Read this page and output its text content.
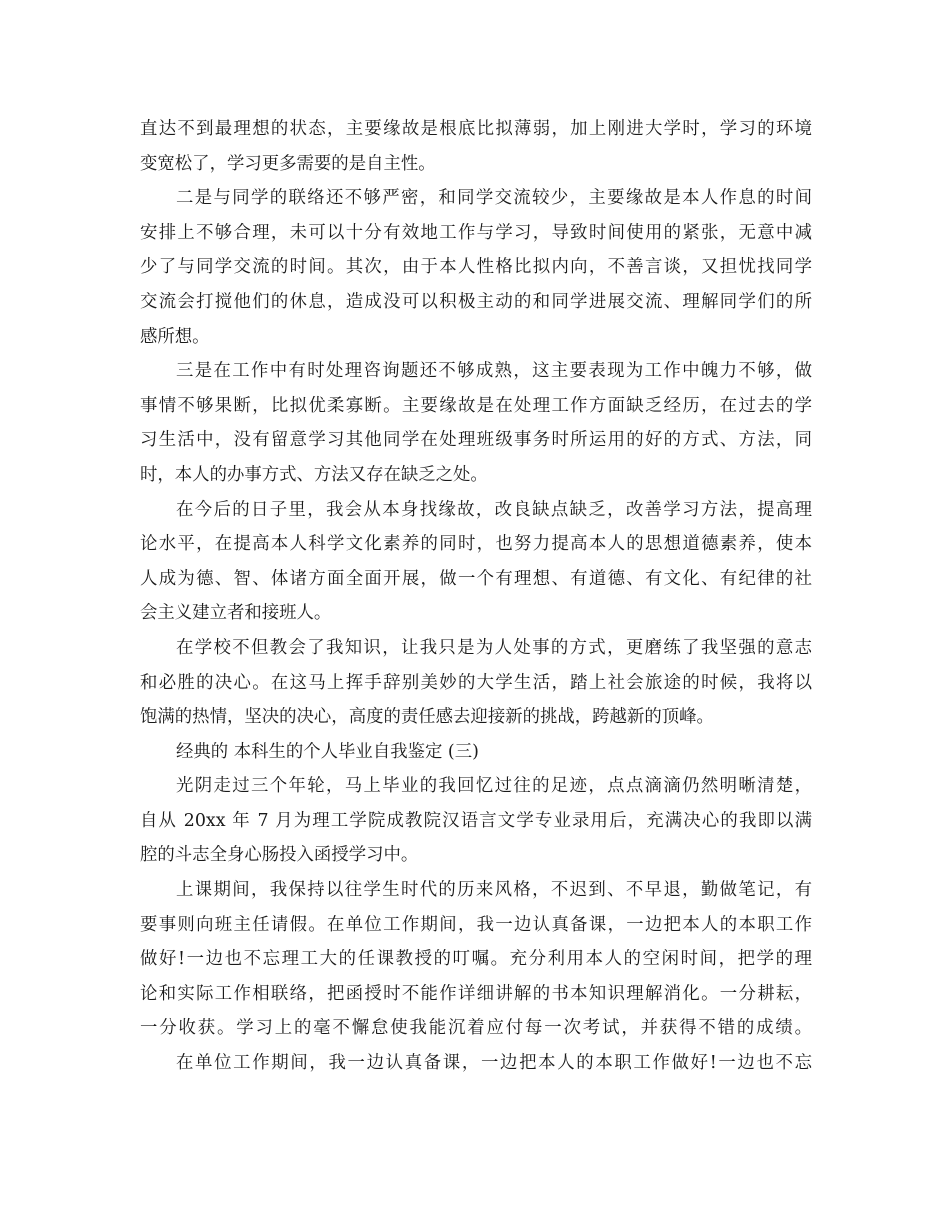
直达不到最理想的状态，主要缘故是根底比拟薄弱，加上刚进大学时，学习的环境
变宽松了，学习更多需要的是自主性。
二是与同学的联络还不够严密，和同学交流较少，主要缘故是本人作息的时间
安排上不够合理，未可以十分有效地工作与学习，导致时间使用的紧张，无意中减
少了与同学交流的时间。其次，由于本人性格比拟内向，不善言谈，又担忧找同学
交流会打搅他们的休息，造成没可以积极主动的和同学进展交流、理解同学们的所
感所想。
三是在工作中有时处理咨询题还不够成熟，这主要表现为工作中魄力不够，做
事情不够果断，比拟优柔寡断。主要缘故是在处理工作方面缺乏经历，在过去的学
习生活中，没有留意学习其他同学在处理班级事务时所运用的好的方式、方法，同
时，本人的办事方式、方法又存在缺乏之处。
在今后的日子里，我会从本身找缘故，改良缺点缺乏，改善学习方法，提高理
论水平，在提高本人科学文化素养的同时，也努力提高本人的思想道德素养，使本
人成为德、智、体诸方面全面开展，做一个有理想、有道德、有文化、有纪律的社
会主义建立者和接班人。
在学校不但教会了我知识，让我只是为人处事的方式，更磨练了我坚强的意志
和必胜的决心。在这马上挥手辞别美妙的大学生活，踏上社会旅途的时候，我将以
饱满的热情，坚决的决心，高度的责任感去迎接新的挑战，跨越新的顶峰。
经典的 本科生的个人毕业自我鉴定 (三)
光阴走过三个年轮，马上毕业的我回忆过往的足迹，点点滴滴仍然明晰清楚，
自从 20xx 年 7 月为理工学院成教院汉语言文学专业录用后，充满决心的我即以满
腔的斗志全身心肠投入函授学习中。
上课期间，我保持以往学生时代的历来风格，不迟到、不早退，勤做笔记，有
要事则向班主任请假。在单位工作期间，我一边认真备课，一边把本人的本职工作
做好!一边也不忘理工大的任课教授的叮嘱。充分利用本人的空闲时间，把学的理
论和实际工作相联络，把函授时不能作详细讲解的书本知识理解消化。一分耕耘，
一分收获。学习上的毫不懈怠使我能沉着应付每一次考试，并获得不错的成绩。
在单位工作期间，我一边认真备课，一边把本人的本职工作做好!一边也不忘
